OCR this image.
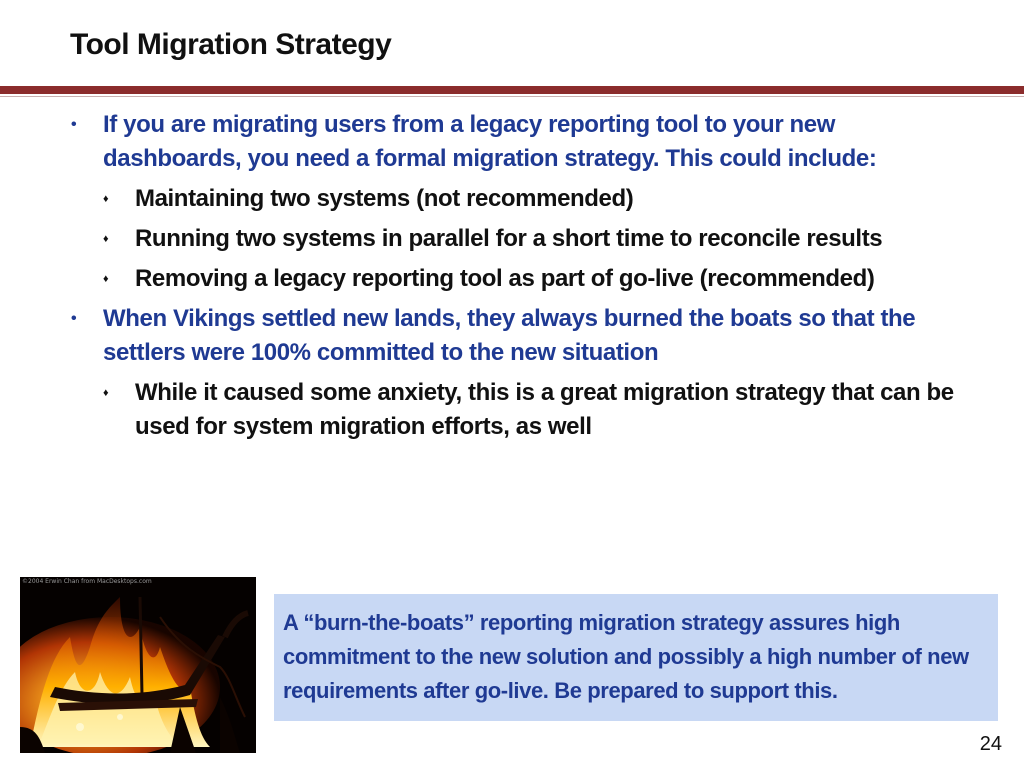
Tool Migration Strategy
• If you are migrating users from a legacy reporting tool to your new dashboards, you need a formal migration strategy. This could include:
♦ Maintaining two systems (not recommended)
♦ Running two systems in parallel for a short time to reconcile results
♦ Removing a legacy reporting tool as part of go-live (recommended)
• When Vikings settled new lands, they always burned the boats so that the settlers were 100% committed to the new situation
♦ While it caused some anxiety, this is a great migration strategy that can be used for system migration efforts, as well
©2004 Erwin Chan from MacDesktops.com
A “burn-the-boats” reporting migration strategy assures high commitment to the new solution and possibly a high number of new requirements after go-live. Be prepared to support this.
24
